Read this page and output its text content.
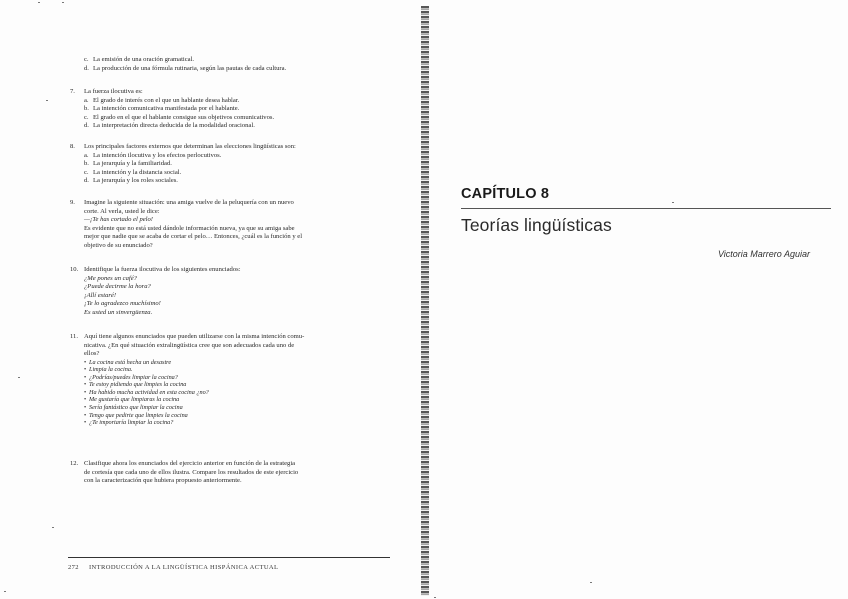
c. La emisión de una oración gramatical.
d. La producción de una fórmula rutinaria, según las pautas de cada cultura.
7.	La fuerza ilocutiva es:
a. El grado de interés con el que un hablante desea hablar.
b. La intención comunicativa manifestada por el hablante.
c. El grado en el que el hablante consigue sus objetivos comunicativos.
d. La interpretación directa deducida de la modalidad oracional.
8.	Los principales factores externos que determinan las elecciones lingüísticas son:
a. La intención ilocutiva y los efectos perlocutivos.
b. La jerarquía y la familiaridad.
c. La intención y la distancia social.
d. La jerarquía y los roles sociales.
9.	Imagine la siguiente situación: una amiga vuelve de la peluquería con un nuevo
corte. Al verla, usted le dice:
—¡Te has cortado el pelo!
Es evidente que no está usted dándole información nueva, ya que su amiga sabe
mejor que nadie que se acaba de cortar el pelo… Entonces, ¿cuál es la función y el
objetivo de su enunciado?
10. Identifique la fuerza ilocutiva de los siguientes enunciados:
¿Me pones un café?
¿Puede decirme la hora?
¡Allí estaré!
¡Te lo agradezco muchísimo!
Es usted un sinvergüenza.
11. Aquí tiene algunos enunciados que pueden utilizarse con la misma intención comu-
nicativa. ¿En qué situación extralingüística cree que son adecuados cada uno de
ellos?
• La cocina está hecha un desastre
• Limpia la cocina.
• ¿Podrías/puedes limpiar la cocina?
• Te estoy pidiendo que limpies la cocina
• Ha habido mucha actividad en esta cocina ¿no?
• Me gustaría que limpiaras la cocina
• Sería fantástico que limpiar la cocina
• Tengo que pedirte que limpies la cocina
• ¿Te importaría limpiar la cocina?
12. Clasifique ahora los enunciados del ejercicio anterior en función de la estrategia
de cortesía que cada uno de ellos ilustra. Compare los resultados de este ejercicio
con la caracterización que hubiera propuesto anteriormente.
272 INTRODUCCIÓN A LA LINGÜÍSTICA HISPÁNICA ACTUAL
CAPÍTULO 8
Teorías lingüísticas
Victoria Marrero Aguiar
